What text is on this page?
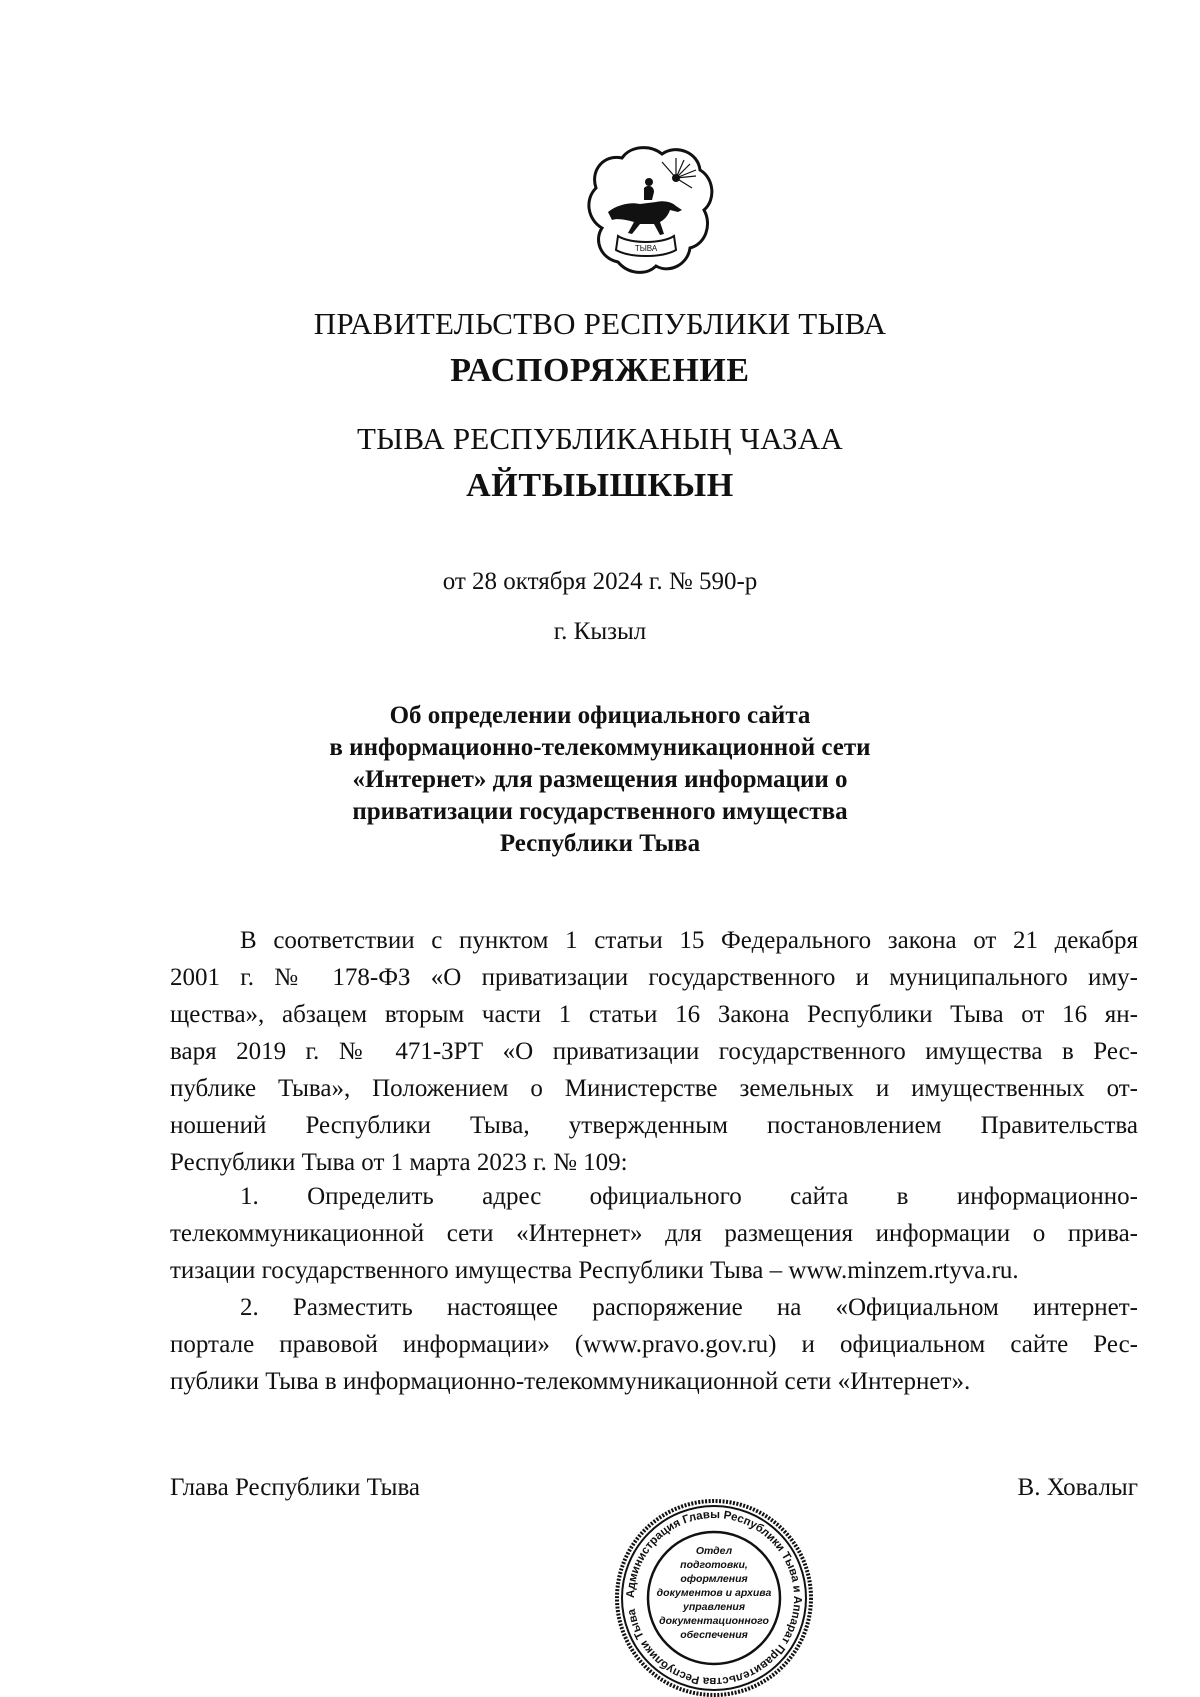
ТЫВА
ПРАВИТЕЛЬСТВО РЕСПУБЛИКИ ТЫВА
РАСПОРЯЖЕНИЕ
ТЫВА РЕСПУБЛИКАНЫҢ ЧАЗАА
АЙТЫЫШКЫН
от 28 октября 2024 г. № 590-р
г. Кызыл
Об определении официального сайта
в информационно-телекоммуникационной сети
«Интернет» для размещения информации о
приватизации государственного имущества
Республики Тыва
В соответствии с пунктом 1 статьи 15 Федерального закона от 21 декабря
2001 г. № 178-ФЗ «О приватизации государственного и муниципального иму-
щества», абзацем вторым части 1 статьи 16 Закона Республики Тыва от 16 ян-
варя 2019 г. № 471-ЗРТ «О приватизации государственного имущества в Рес-
публике Тыва», Положением о Министерстве земельных и имущественных от-
ношений Республики Тыва, утвержденным постановлением Правительства
Республики Тыва от 1 марта 2023 г. № 109:
1. Определить адрес официального сайта в информационно-
телекоммуникационной сети «Интернет» для размещения информации о прива-
тизации государственного имущества Республики Тыва – www.minzem.rtyva.ru.
2. Разместить настоящее распоряжение на «Официальном интернет-
портале правовой информации» (www.pravo.gov.ru) и официальном сайте Рес-
публики Тыва в информационно-телекоммуникационной сети «Интернет».
Глава Республики Тыва	В. Ховалыг
Администрация Главы Республики Тыва и Аппарат Правительства Республики Тыва
Отдел
подготовки,
оформления
документов и архива
управления
документационного
обеспечения
